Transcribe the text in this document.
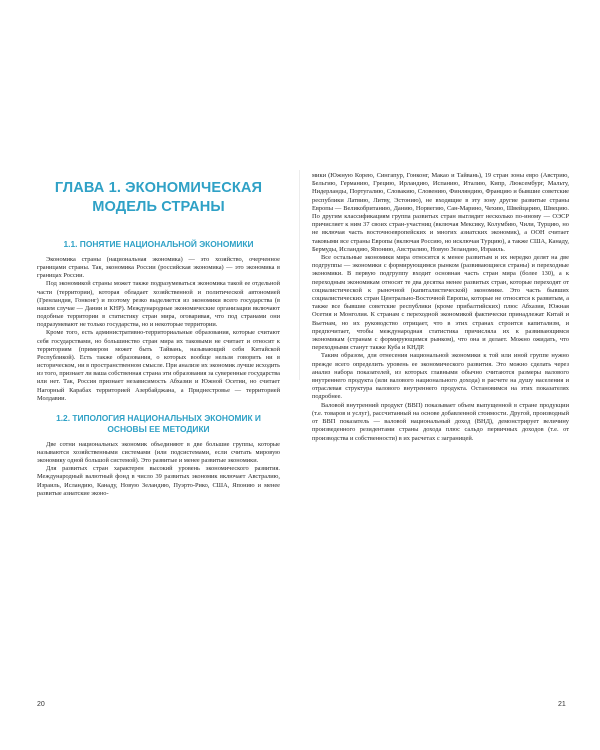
ГЛАВА 1. ЭКОНОМИЧЕСКАЯ МОДЕЛЬ СТРАНЫ
1.1. ПОНЯТИЕ НАЦИОНАЛЬНОЙ ЭКОНОМИКИ

Экономика страны (национальная экономика) — это хозяйство, очерченное границами страны. Так, экономика России (российская экономика) — это экономика в границах России.

Под экономикой страны может также подразумеваться экономика такой ее отдельной части (территории), которая обладает хозяйственной и политической автономией (Гренландия, Гонконг) и поэтому резко выделяется из экономики всего государства (в нашем случае — Дании и КНР). Международные экономические организации включают подобные территории в статистику стран мира, оговаривая, что под странами они подразумевают не только государства, но и некоторые территории.

Кроме того, есть административно-территориальные образования, которые считают себя государствами, но большинство стран мира их таковыми не считает и относит к территориям (примером может быть Тайвань, называющий себя Китайской Республикой). Есть также образования, о которых вообще нельзя говорить ни в историческом, ни в пространственном смысле. При анализе их экономик лучше исходить из того, признает ли ваша собственная страна эти образования за суверенные государства или нет. Так, Россия признает независимость Абхазии и Южной Осетии, но считает Нагорный Карабах территорией Азербайджана, а Приднестровье — территорией Молдавии.

1.2. ТИПОЛОГИЯ НАЦИОНАЛЬНЫХ ЭКОНОМИК И ОСНОВЫ ЕЕ МЕТОДИКИ

Две сотни национальных экономик объединяют в две большие группы, которые называются хозяйственными системами (или подсистемами, если считать мировую экономику одной большой системой). Это развитые и менее развитые экономики.

Для развитых стран характерен высокий уровень экономического развития. Международный валютный фонд в число 39 развитых экономик включает Австралию, Израиль, Исландию, Канаду, Новую Зеландию, Пуэрто-Рико, США, Японию и менее развитые азиатские эконо-

мики (Южную Корею, Сингапур, Гонконг, Макао и Тайвань), 19 стран зоны евро (Австрию, Бельгию, Германию, Грецию, Ирландию, Испанию, Италию, Кипр, Люксембург, Мальту, Нидерланды, Португалию, Словакию, Словению, Финляндию, Францию и бывшие советские республики Латвию, Литву, Эстонию), не входящие в эту зону другие развитые страны Европы — Великобританию, Данию, Норвегию, Сан-Марино, Чехию, Швейцарию, Швецию. По другим классификациям группа развитых стран выглядит несколько по-иному — ОЭСР причисляет к ним 37 своих стран-участниц (включая Мексику, Колумбию, Чили, Турцию, но не включая часть восточноевропейских и многих азиатских экономик), а ООН считает таковыми все страны Европы (включая Россию, но исключая Турцию), а также США, Канаду, Бермуды, Исландию, Японию, Австралию, Новую Зеландию, Израиль.

Все остальные экономики мира относятся к менее развитым и их нередко делят на две подгруппы — экономики с формирующимся рынком (развивающиеся страны) и переходные экономики. В первую подгруппу входит основная часть стран мира (более 130), а к переходным экономикам относят те два десятка менее развитых стран, которые переходят от социалистической к рыночной (капиталистической) экономике. Это часть бывших социалистических стран Центрально-Восточной Европы, которые не относятся к развитым, а также все бывшие советские республики (кроме прибалтийских) плюс Абхазия, Южная Осетия и Монголия. К странам с переходной экономикой фактически принадлежат Китай и Вьетнам, но их руководство отрицает, что в этих странах строится капитализм, и предпочитает, чтобы международная статистика причисляла их к развивающимся экономикам (странам с формирующимся рынком), что она и делает. Можно ожидать, что переходными станут также Куба и КНДР.

Таким образом, для отнесения национальной экономики к той или иной группе нужно прежде всего определить уровень ее экономического развития. Это можно сделать через анализ набора показателей, из которых главными обычно считаются размеры валового внутреннего продукта (или валового национального дохода) в расчете на душу населения и отраслевая структура валового внутреннего продукта. Остановимся на этих показателях подробнее.

Валовой внутренний продукт (ВВП) показывает объем выпущенной в стране продукции (т.е. товаров и услуг), рассчитанный на основе добавленной стоимости. Другой, производный от ВВП показатель — валовой национальный доход (ВНД), демонстрирует величину произведенного резидентами страны дохода плюс сальдо первичных доходов (т.е. от производства и собственности) в их расчетах с заграницей.

20	21
